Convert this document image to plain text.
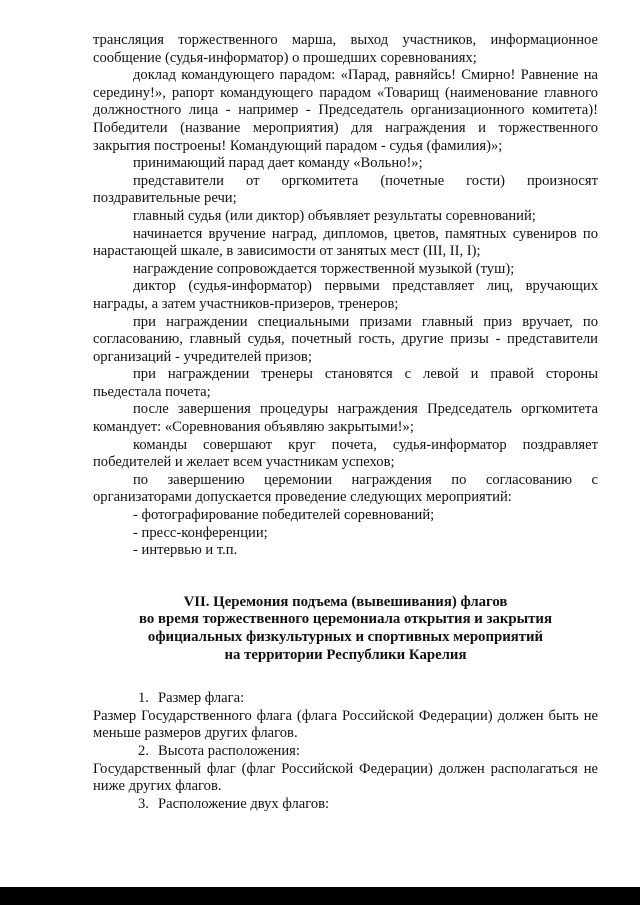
трансляция торжественного марша, выход участников, информационное сообщение (судья-информатор) о прошедших соревнованиях;

доклад командующего парадом: «Парад, равняйсь! Смирно! Равнение на середину!», рапорт командующего парадом «Товарищ (наименование главного должностного лица - например - Председатель организационного комитета)! Победители (название мероприятия) для награждения и торжественного закрытия построены! Командующий парадом - судья (фамилия)»;

принимающий парад дает команду «Вольно!»;

представители от оргкомитета (почетные гости) произносят поздравительные речи;

главный судья (или диктор) объявляет результаты соревнований;

начинается вручение наград, дипломов, цветов, памятных сувениров по нарастающей шкале, в зависимости от занятых мест (III, II, I);

награждение сопровождается торжественной музыкой (туш);

диктор (судья-информатор) первыми представляет лиц, вручающих награды, а затем участников-призеров, тренеров;

при награждении специальными призами главный приз вручает, по согласованию, главный судья, почетный гость, другие призы - представители организаций - учредителей призов;

при награждении тренеры становятся с левой и правой стороны пьедестала почета;

после завершения процедуры награждения Председатель оргкомитета командует: «Соревнования объявляю закрытыми!»;

команды совершают круг почета, судья-информатор поздравляет победителей и желает всем участникам успехов;

по завершению церемонии награждения по согласованию с организаторами допускается проведение следующих мероприятий:

- фотографирование победителей соревнований;

- пресс-конференции;

- интервью и т.п.

VII. Церемония подъема (вывешивания) флагов
во время торжественного церемониала открытия и закрытия
официальных физкультурных и спортивных мероприятий
на территории Республики Карелия

1. Размер флага:

Размер Государственного флага (флага Российской Федерации) должен быть не меньше размеров других флагов.

2. Высота расположения:

Государственный флаг (флаг Российской Федерации) должен располагаться не ниже других флагов.

3. Расположение двух флагов:
